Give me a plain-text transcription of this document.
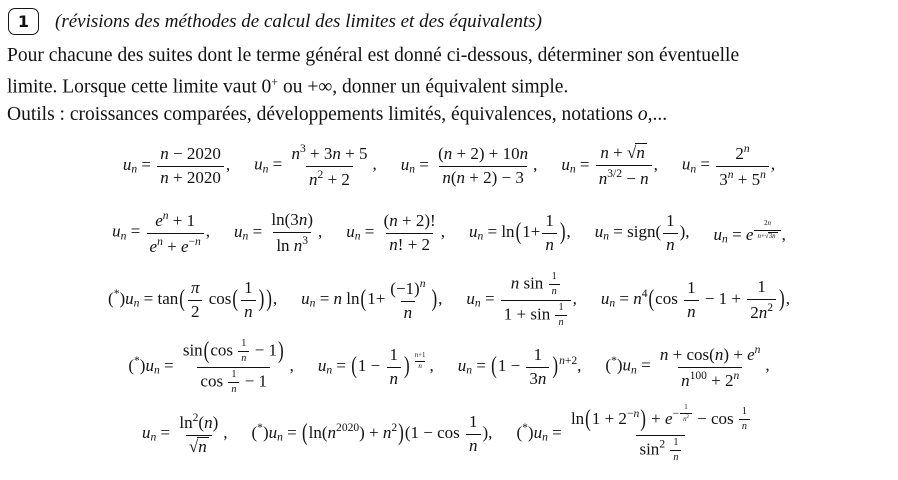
1 (révisions des méthodes de calcul des limites et des équivalents)
Pour chacune des suites dont le terme général est donné ci-dessous, déterminer son éventuelle
limite. Lorsque cette limite vaut 0+ ou +∞, donner un équivalent simple.
Outils : croissances comparées, développements limités, équivalences, notations o,...
$u_n = \frac{n - 2020}{n + 2020}$ , $u_n = \frac{n^3 + 3n + 5}{n^2 + 2}$ , $u_n = \frac{(n + 2) + 10n}{n(n + 2) - 3}$ , $u_n = \frac{n + √n}{n^{3/2} - n}$ , $u_n = \frac{2^n}{3^n + 5^n}$ ,
$u_n = \frac{e^n + 1}{e^n + e^{-n}}$ , $u_n = \frac{\ln(3n)}{\ln n^3}$ , $u_n = \frac{(n + 2)!}{n! + 2}$ , $u_n = \ln(1+ \frac{1}{n}$ ), $u_n$ = sign( $\frac{1}{n}$ ), $u_n = e$ $^{\frac{2n}{n+√3n}}$ ,
$(^*)u_n = \tan( \frac{\pi}{2} \cos( \frac{1}{n}$ ) ), $u_n = n$ $\ln(1+ \frac{(-1)^n}{n}$ ), $u_n = \frac{n \sin \frac{1}{n}}{1 + \sin \frac{1}{n}}$ , $u_n = n^4(\cos \frac{1}{n} - 1 + \frac{1}{2n^2}$ ),
$(^*)u_n = \frac{\sin(\cos \frac{1}{n} - 1)}{\cos \frac{1}{n} - 1}$ , $u_n = (1 - \frac{1}{n}$ ) $^{\frac{n+1}{n}}$ , $u_n = (1 - \frac{1}{3n} )^{n+2}$, $(^*)u_n = \frac{n + \cos(n) + e^n}{n^{100} + 2^n}$ ,
$u_n = \frac{\ln^2(n)}{√n}$ , $(^*)u_n = (\ln(n^{2020}) + n^2)(1 - \cos \frac{1}{n}$ ), $(^*)u_n = \ln(1 + 2^{-n}) + e^{- \frac{1}{n^2}} - \cos \frac{1}{n}$
$\sin^2 \frac{1}{n}$
